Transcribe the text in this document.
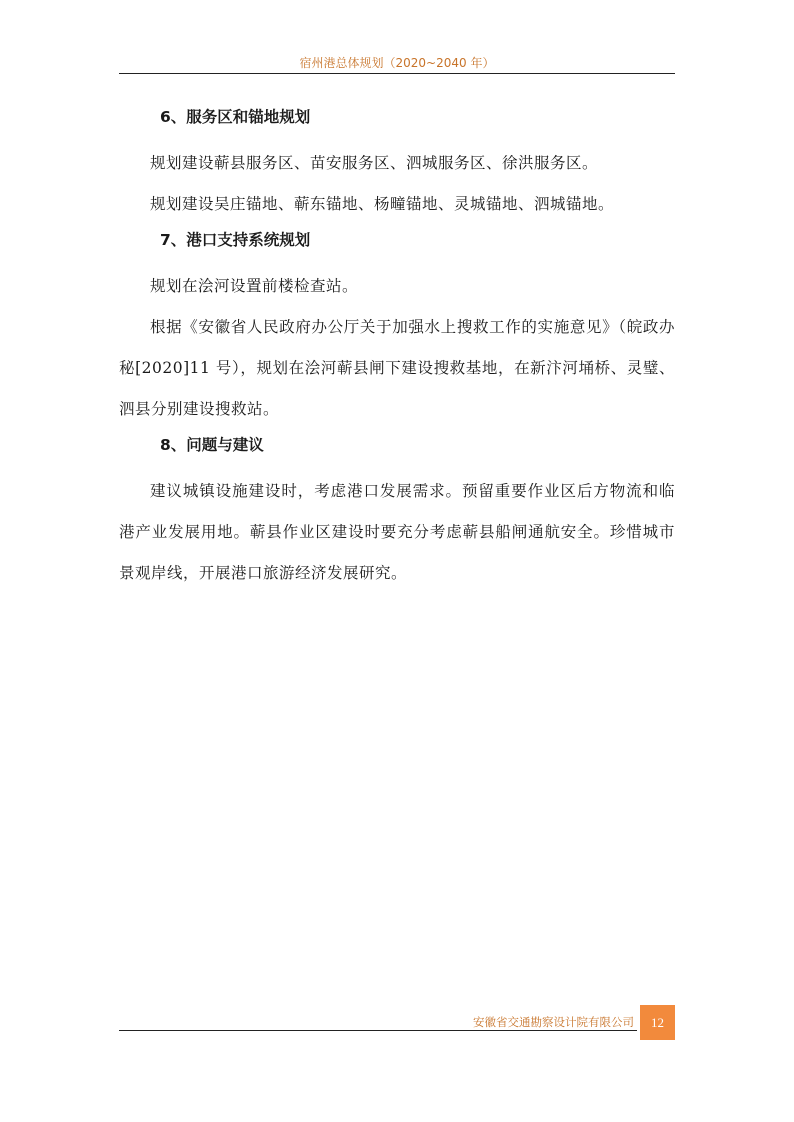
宿州港总体规划（2020~2040 年）
6、服务区和锚地规划

规划建设蕲县服务区、苗安服务区、泗城服务区、徐洪服务区。

规划建设吴庄锚地、蕲东锚地、杨疃锚地、灵城锚地、泗城锚地。

7、港口支持系统规划

规划在浍河设置前楼检查站。

根据《安徽省人民政府办公厅关于加强水上搜救工作的实施意见》（皖政办秘[2020]11 号），规划在浍河蕲县闸下建设搜救基地，在新汴河埇桥、灵璧、泗县分别建设搜救站。

8、问题与建议

建议城镇设施建设时，考虑港口发展需求。预留重要作业区后方物流和临港产业发展用地。蕲县作业区建设时要充分考虑蕲县船闸通航安全。珍惜城市景观岸线，开展港口旅游经济发展研究。

安徽省交通勘察设计院有限公司	12
